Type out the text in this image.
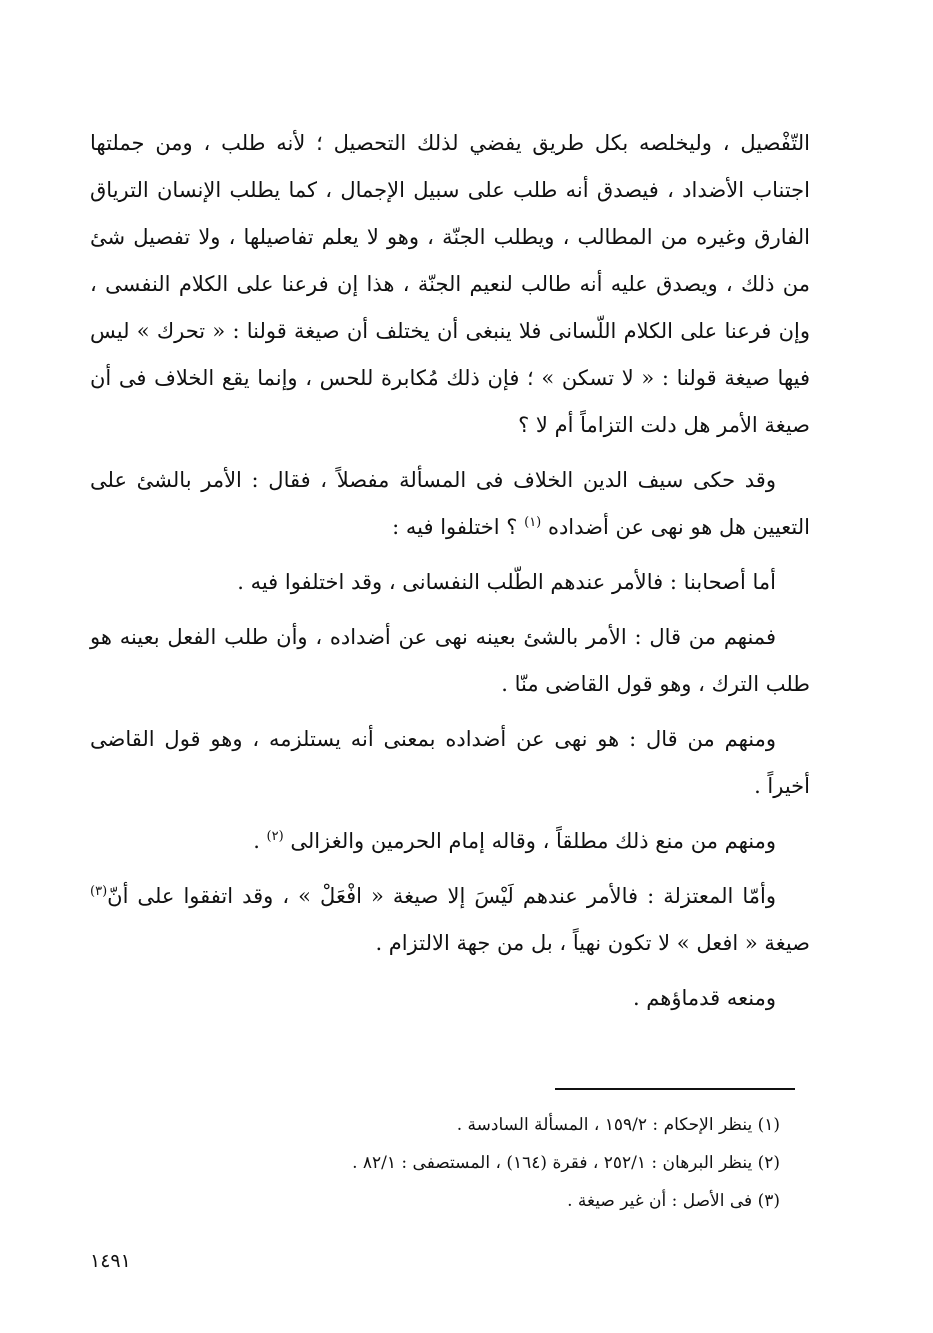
التّفْصيل ، وليخلصه بكل طريق يفضي لذلك التحصيل ؛ لأنه طلب ، ومن جملتها اجتناب الأضداد ، فيصدق أنه طلب على سبيل الإجمال ، كما يطلب الإنسان الترياق الفارق وغيره من المطالب ، ويطلب الجنّة ، وهو لا يعلم تفاصيلها ، ولا تفصيل شئ من ذلك ، ويصدق عليه أنه طالب لنعيم الجنّة ، هذا إن فرعنا على الكلام النفسى ، وإن فرعنا على الكلام اللّسانى فلا ينبغى أن يختلف أن صيغة قولنا : « تحرك » ليس فيها صيغة قولنا : « لا تسكن » ؛ فإن ذلك مُكابرة للحس ، وإنما يقع الخلاف فى أن صيغة الأمر هل دلت التزاماً أم لا ؟

وقد حكى سيف الدين الخلاف فى المسألة مفصلاً ، فقال : الأمر بالشئ على التعيين هل هو نهى عن أضداده $^{(١)}$ ؟ اختلفوا فيه :

أما أصحابنا : فالأمر عندهم الطّلب النفسانى ، وقد اختلفوا فيه .

فمنهم من قال : الأمر بالشئ بعينه نهى عن أضداده ، وأن طلب الفعل بعينه هو طلب الترك ، وهو قول القاضى منّا .

ومنهم من قال : هو نهى عن أضداده بمعنى أنه يستلزمه ، وهو قول القاضى أخيراً .

ومنهم من منع ذلك مطلقاً ، وقاله إمام الحرمين والغزالى $^{(٢)}$ .

وأمّا المعتزلة : فالأمر عندهم لَيْسَ إلا صيغة « افْعَلْ » ، وقد اتفقوا على أنّ$^{(٣)}$ صيغة « افعل » لا تكون نهياً ، بل من جهة الالتزام .

ومنعه قدماؤهم .

(١) ينظر الإحكام : ١٥٩/٢ ، المسألة السادسة .
(٢) ينظر البرهان : ٢٥٢/١ ، فقرة (١٦٤) ، المستصفى : ٨٢/١ .
(٣) فى الأصل : أن غير صيغة .
١٤٩١
